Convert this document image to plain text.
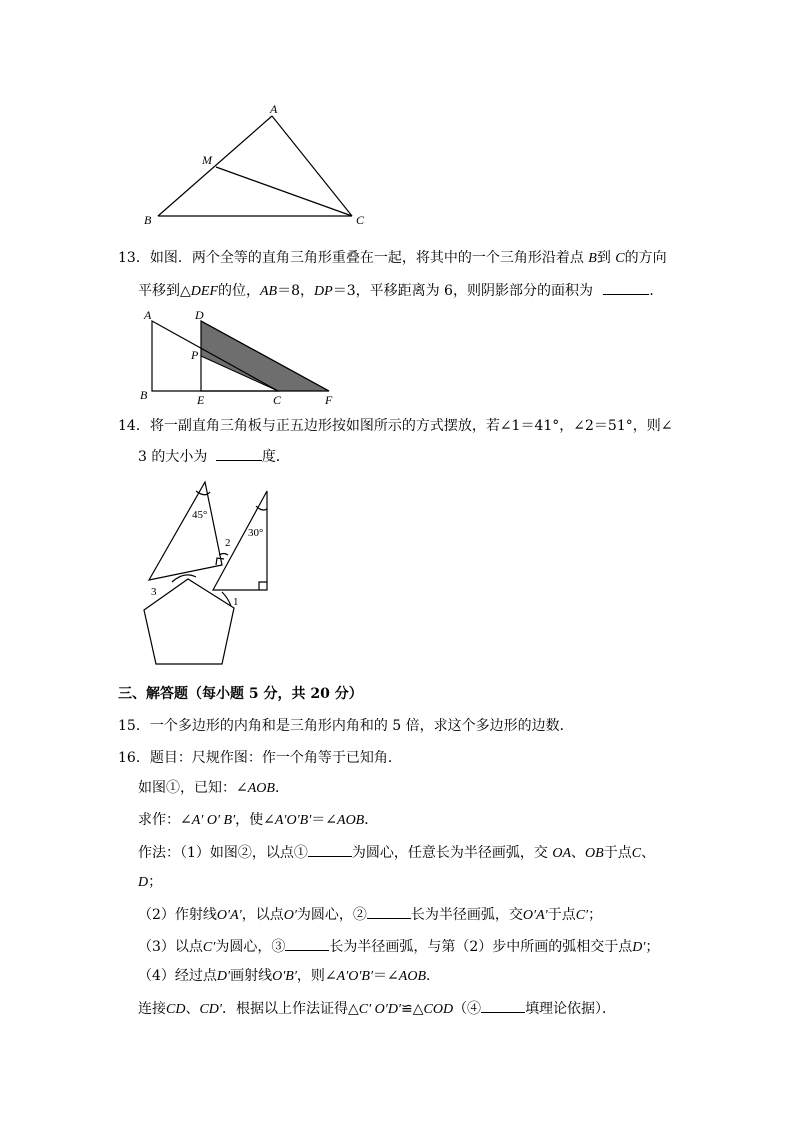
A
M
B	C
13．如图．两个全等的直角三角形重叠在一起，将其中的一个三角形沿着点 B到 C的方向
平移到△DEF的位，AB＝8，DP＝3，平移距离为 6，则阴影部分的面积为	．
A	D
P
B	E	C	F
14．将一副直角三角板与正五边形按如图所示的方式摆放，若∠1＝41°，∠2＝51°，则∠
3 的大小为	度．
45°
30°
2
3
1
三、解答题（每小题 5 分，共 20 分）
15．一个多边形的内角和是三角形内角和的 5 倍，求这个多边形的边数．
16．题目：尺规作图：作一个角等于已知角．
如图①，已知：∠AOB．
求作：∠A′ O′ B′，使∠A′O′B′＝∠AOB．
作法：（1）如图②，以点①	为圆心，任意长为半径画弧，交 OA、OB于点C、
D；
（2）作射线O′A′，以点O′为圆心，②	长为半径画弧，交O′A′于点C′；
（3）以点C′为圆心，③	长为半径画弧，与第（2）步中所画的弧相交于点D′；
（4）经过点D′画射线O′B′，则∠A′O′B′＝∠AOB．
连接CD、CD′．根据以上作法证得△C′ O′D′≌△COD（④	填理论依据）．
